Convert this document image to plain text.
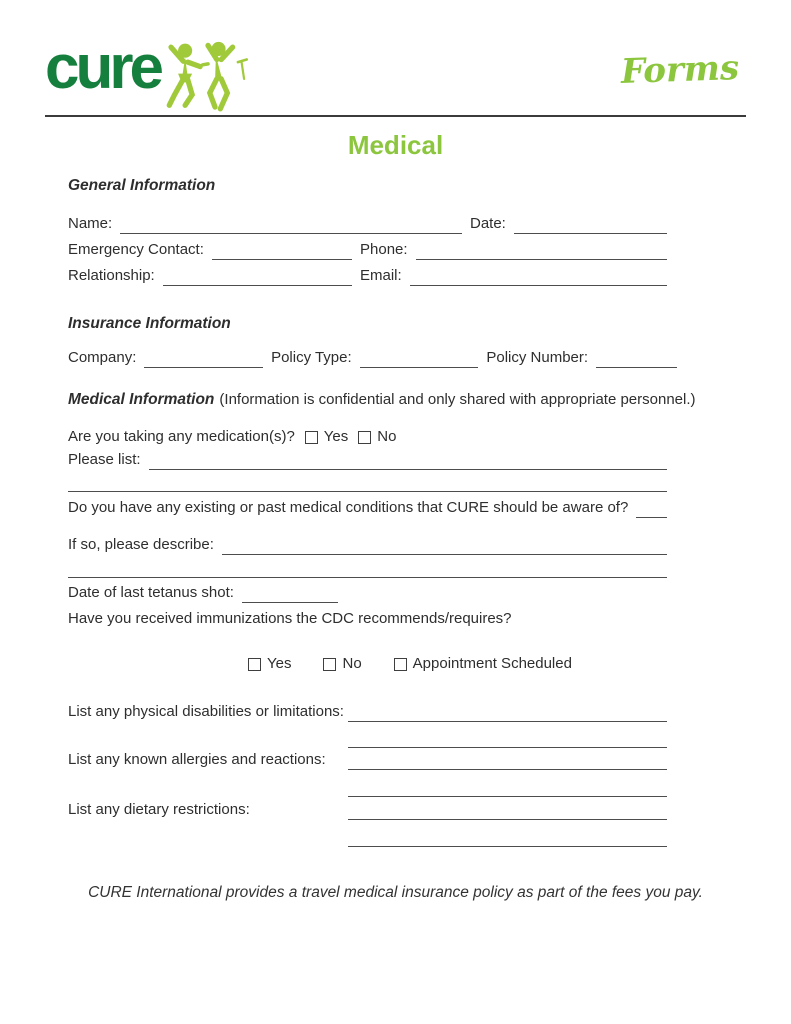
cure	Forms
Medical
General Information
Name:	Date:
Emergency Contact:	Phone:
Relationship:	Email:
Insurance Information
Company:	Policy Type:	Policy Number:
Medical Information (Information is confidential and only shared with appropriate personnel.)
Are you taking any medication(s)? Yes No
Please list:
Do you have any existing or past medical conditions that CURE should be aware of?
If so, please describe:
Date of last tetanus shot:
Have you received immunizations the CDC recommends/requires?
Yes	No	Appointment Scheduled
List any physical disabilities or limitations:
List any known allergies and reactions:
List any dietary restrictions:
CURE International provides a travel medical insurance policy as part of the fees you pay.
